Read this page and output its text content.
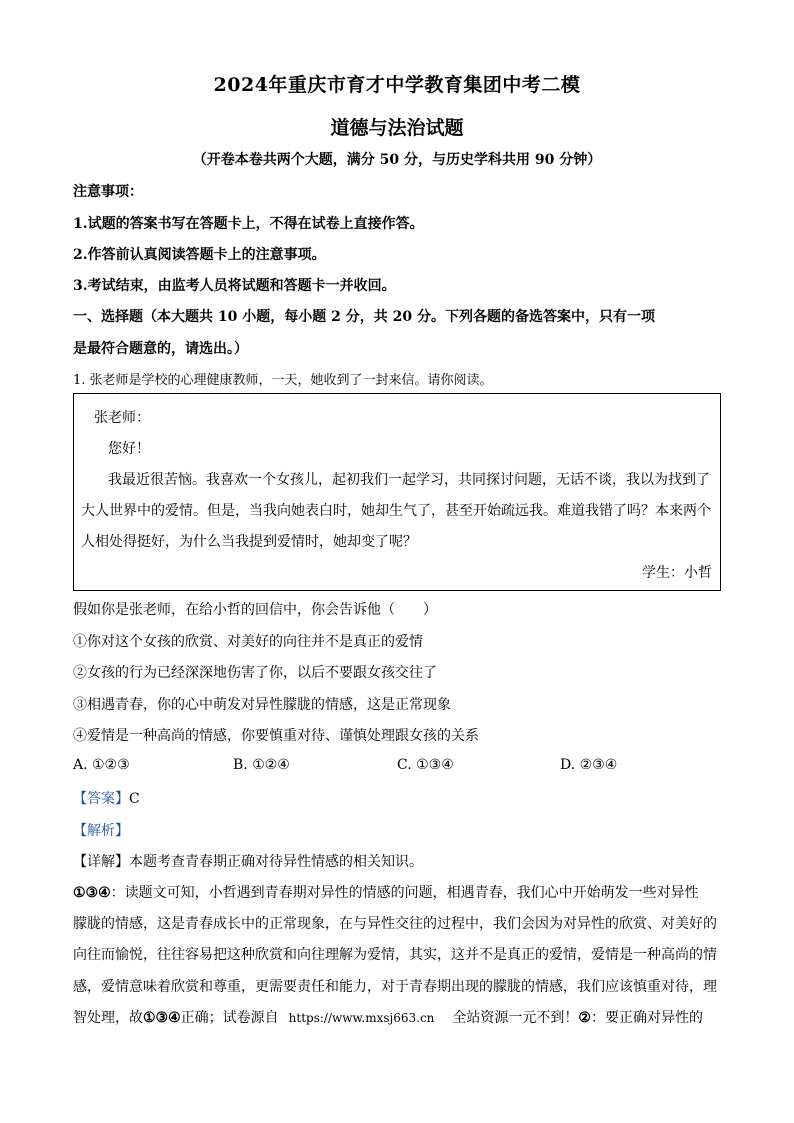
2024年重庆市育才中学教育集团中考二模
道德与法治试题
（开卷本卷共两个大题，满分 50 分，与历史学科共用 90 分钟）
注意事项：
1.试题的答案书写在答题卡上，不得在试卷上直接作答。
2.作答前认真阅读答题卡上的注意事项。
3.考试结束，由监考人员将试题和答题卡一并收回。
一、选择题（本大题共 10 小题，每小题 2 分，共 20 分。下列各题的备选答案中，只有一项
是最符合题意的，请选出。）
1. 张老师是学校的心理健康教师，一天，她收到了一封来信。请你阅读。
张老师：
您好！
我最近很苦恼。我喜欢一个女孩儿，起初我们一起学习，共同探讨问题，无话不谈，我以为找到了
大人世界中的爱情。但是，当我向她表白时，她却生气了，甚至开始疏远我。难道我错了吗？本来两个
人相处得挺好，为什么当我提到爱情时，她却变了呢？
学生：小哲
假如你是张老师，在给小哲的回信中，你会告诉他（　　）
①你对这个女孩的欣赏、对美好的向往并不是真正的爱情
②女孩的行为已经深深地伤害了你，以后不要跟女孩交往了
③相遇青春，你的心中萌发对异性朦胧的情感，这是正常现象
④爱情是一种高尚的情感，你要慎重对待、谨慎处理跟女孩的关系
A. ①②③	B. ①②④	C. ①③④	D. ②③④
【答案】C
【解析】
【详解】本题考查青春期正确对待异性情感的相关知识。
①③④：读题文可知，小哲遇到青春期对异性的情感的问题，相遇青春，我们心中开始萌发一些对异性
朦胧的情感，这是青春成长中的正常现象，在与异性交往的过程中，我们会因为对异性的欣赏、对美好的
向往而愉悦，往往容易把这种欣赏和向往理解为爱情，其实，这并不是真正的爱情，爱情是一种高尚的情
感，爱情意味着欣赏和尊重，更需要责任和能力，对于青春期出现的朦胧的情感，我们应该慎重对待，理
智处理，故①③④正确；试卷源自 https://www.mxsj663.cn 全站资源一元不到！②：要正确对异性的
